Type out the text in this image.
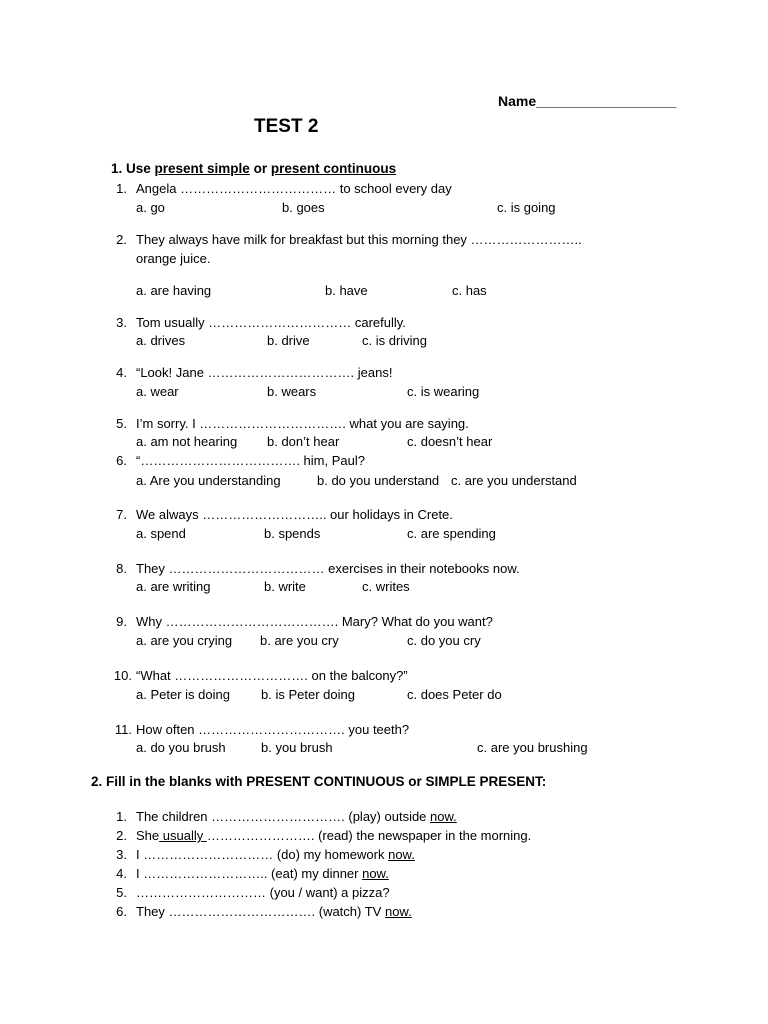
Name__________________
TEST 2
1. Use present simple or present continuous
1. Angela ……………………………… to school every day
a. go	b. goes	c. is going
2. They always have milk for breakfast but this morning they ……………………..
orange juice.
a. are having	b. have	c. has
3. Tom usually …………………………… carefully.
a. drives	b. drive	c. is driving
4. “Look! Jane ……………………………. jeans!
a. wear	b. wears	c. is wearing
5. I’m sorry. I ……………………………. what you are saying.
a. am not hearing b. don’t hear	c. doesn’t hear
6. “………………………………. him, Paul?
a. Are you understanding	b. do you understand c. are you understand
7. We always ……………………….. our holidays in Crete.
a. spend	b. spends	c. are spending
8. They ……………………………… exercises in their notebooks now.
a. are writing	b. write	c. writes
9. Why …………………………………. Mary? What do you want?
a. are you crying b. are you cry	c. do you cry
10. “What …………………………. on the balcony?”
a. Peter is doing b. is Peter doing	c. does Peter do
11. How often ……………………………. you teeth?
a. do you brush	b. you brush	c. are you brushing
2. Fill in the blanks with PRESENT CONTINUOUS or SIMPLE PRESENT:
1. The children …………………………. (play) outside now.
2. She usually ……………………. (read) the newspaper in the morning.
3. I ………………………… (do) my homework now.
4. I ……………………….. (eat) my dinner now.
5. ………………………… (you / want) a pizza?
6. They ……………………………. (watch) TV now.
